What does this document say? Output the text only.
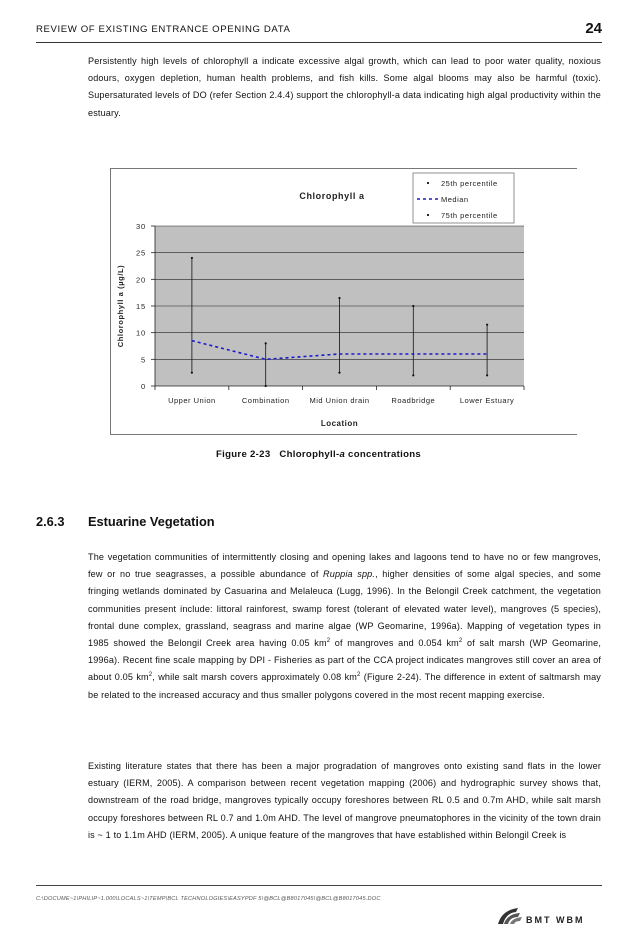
REVIEW OF EXISTING ENTRANCE OPENING DATA	24

Persistently high levels of chlorophyll a indicate excessive algal growth, which can lead to poor water quality, noxious odours, oxygen depletion, human health problems, and fish kills. Some algal blooms may also be harmful (toxic). Supersaturated levels of DO (refer Section 2.4.4) support the chlorophyll-a data indicating high algal productivity within the estuary.

0
5
10
15
20
25
30
Upper Union	Combination	Mid Union drain	Roadbridge	Lower Estuary
Chlorophyll a
Location
Chlorophyll a (µg/L)
25th percentile
Median
75th percentile
Figure 2-23 Chlorophyll-a concentrations
2.6.3 Estuarine Vegetation

The vegetation communities of intermittently closing and opening lakes and lagoons tend to have no or few mangroves, few or no true seagrasses, a possible abundance of Ruppia spp., higher densities of some algal species, and some fringing wetlands dominated by Casuarina and Melaleuca (Lugg, 1996). In the Belongil Creek catchment, the vegetation communities present include: littoral rainforest, swamp forest (tolerant of elevated water level), mangroves (5 species), frontal dune complex, grassland, seagrass and marine algae (WP Geomarine, 1996a). Mapping of vegetation types in 1985 showed the Belongil Creek area having 0.05 $km^2$ of mangroves and 0.054 $km^2$ of salt marsh (WP Geomarine, 1996a). Recent fine scale mapping by DPI - Fisheries as part of the CCA project indicates mangroves still cover an area of about 0.05 $km^2$, while salt marsh covers approximately 0.08 $km^2$ (Figure 2-24). The difference in extent of saltmarsh may be related to the increased accuracy and thus smaller polygons covered in the most recent mapping exercise.

Existing literature states that there has been a major progradation of mangroves onto existing sand flats in the lower estuary (IERM, 2005). A comparison between recent vegetation mapping (2006) and hydrographic survey shows that, downstream of the road bridge, mangroves typically occupy foreshores between RL 0.5 and 0.7m AHD, while salt marsh occupy foreshores between RL 0.7 and 1.0m AHD. The level of mangrove pneumatophores in the vicinity of the town drain is ~ 1 to 1.1m AHD (IERM, 2005). A unique feature of the mangroves that have established within Belongil Creek is

C:\DOCUME~1\PHILIP~1.000\LOCALS~1\TEMP\BCL TECHNOLOGIES\EASYPDF 5\@BCL@B8017045\@BCL@B8017045.DOC
BMT WBM
